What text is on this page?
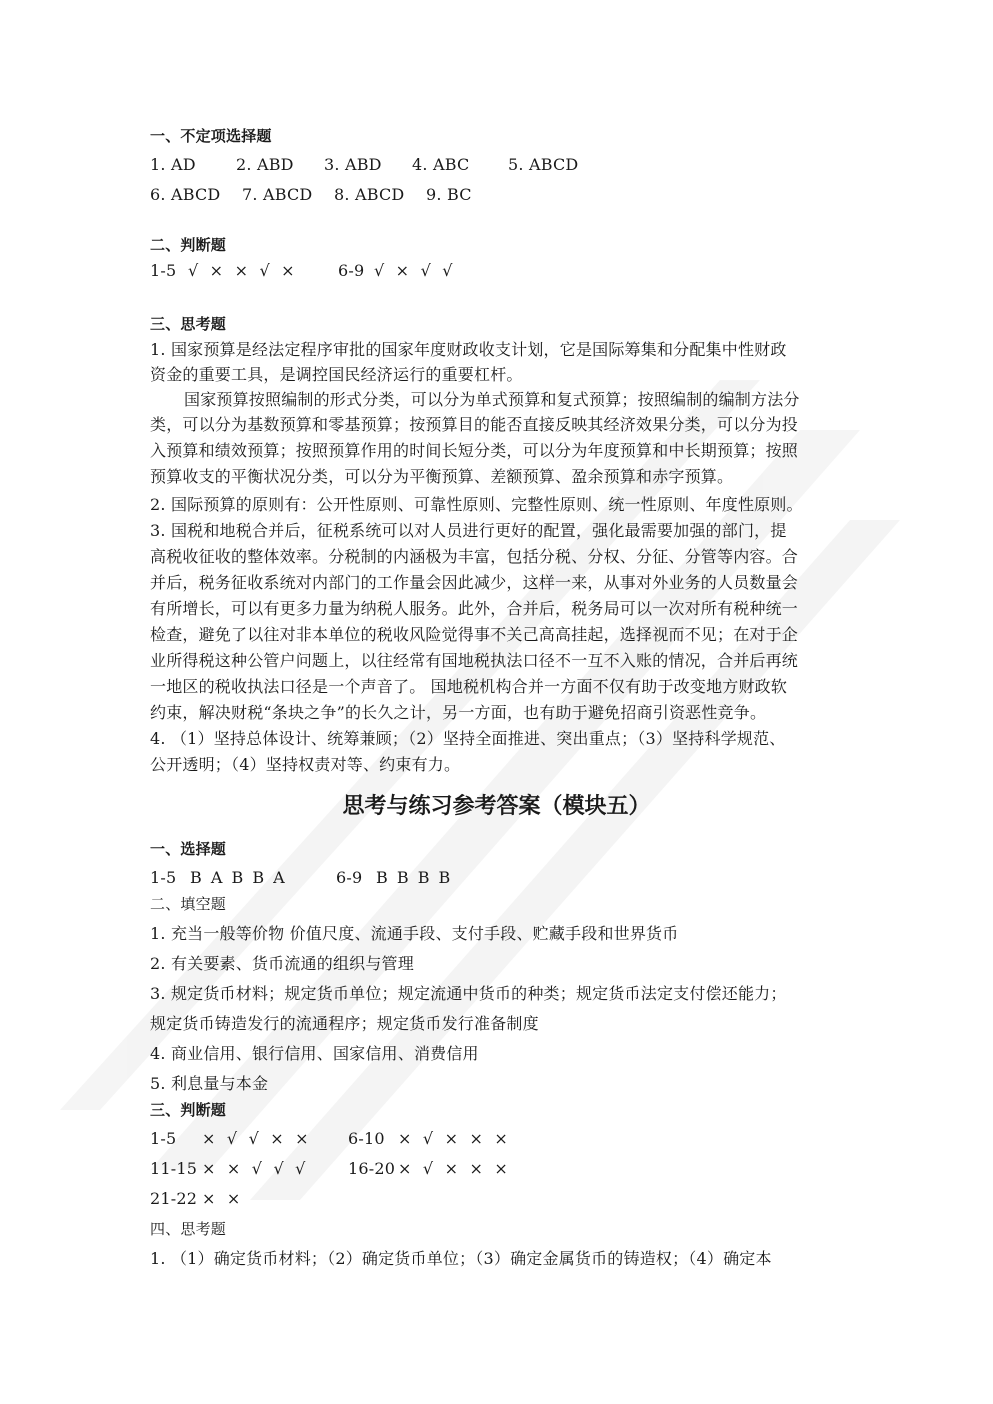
一、不定项选择题
1. AD	2. ABD 3. ABD 4. ABC 5. ABCD
6. ABCD 7. ABCD 8. ABCD 9. BC
二、判断题
1-5 √ × × √ ×	6-9 √ × √ √
三、思考题
1. 国家预算是经法定程序审批的国家年度财政收支计划，它是国际筹集和分配集中性财政
资金的重要工具，是调控国民经济运行的重要杠杆。
国家预算按照编制的形式分类，可以分为单式预算和复式预算；按照编制的编制方法分
类，可以分为基数预算和零基预算；按预算目的能否直接反映其经济效果分类，可以分为投
入预算和绩效预算；按照预算作用的时间长短分类，可以分为年度预算和中长期预算；按照
预算收支的平衡状况分类，可以分为平衡预算、差额预算、盈余预算和赤字预算。
2. 国际预算的原则有：公开性原则、可靠性原则、完整性原则、统一性原则、年度性原则。
3. 国税和地税合并后，征税系统可以对人员进行更好的配置，强化最需要加强的部门，提
高税收征收的整体效率。分税制的内涵极为丰富，包括分税、分权、分征、分管等内容。合
并后，税务征收系统对内部门的工作量会因此减少，这样一来，从事对外业务的人员数量会
有所增长，可以有更多力量为纳税人服务。此外，合并后，税务局可以一次对所有税种统一
检查，避免了以往对非本单位的税收风险觉得事不关己高高挂起，选择视而不见；在对于企
业所得税这种公管户问题上，以往经常有国地税执法口径不一互不入账的情况，合并后再统
一地区的税收执法口径是一个声音了。 国地税机构合并一方面不仅有助于改变地方财政软
约束，解决财税“条块之争”的长久之计，另一方面，也有助于避免招商引资恶性竞争。
4. （1）坚持总体设计、统筹兼顾；（2）坚持全面推进、突出重点；（3）坚持科学规范、
公开透明；（4）坚持权责对等、约束有力。
思考与练习参考答案（模块五）
一、选择题
1-5 B A B B A	6-9 B B B B
二、填空题
1. 充当一般等价物 价值尺度、流通手段、支付手段、贮藏手段和世界货币
2. 有关要素、货币流通的组织与管理
3. 规定货币材料；规定货币单位；规定流通中货币的种类；规定货币法定支付偿还能力；
规定货币铸造发行的流通程序；规定货币发行准备制度
4. 商业信用、银行信用、国家信用、消费信用
5. 利息量与本金
三、判断题
1-5 × √ √ × × 6-10 × √ × × ×
11-15 × × √ √ √	16-20 × √ × × ×
21-22 × ×
四、思考题
1. （1）确定货币材料；（2）确定货币单位；（3）确定金属货币的铸造权；（4）确定本
